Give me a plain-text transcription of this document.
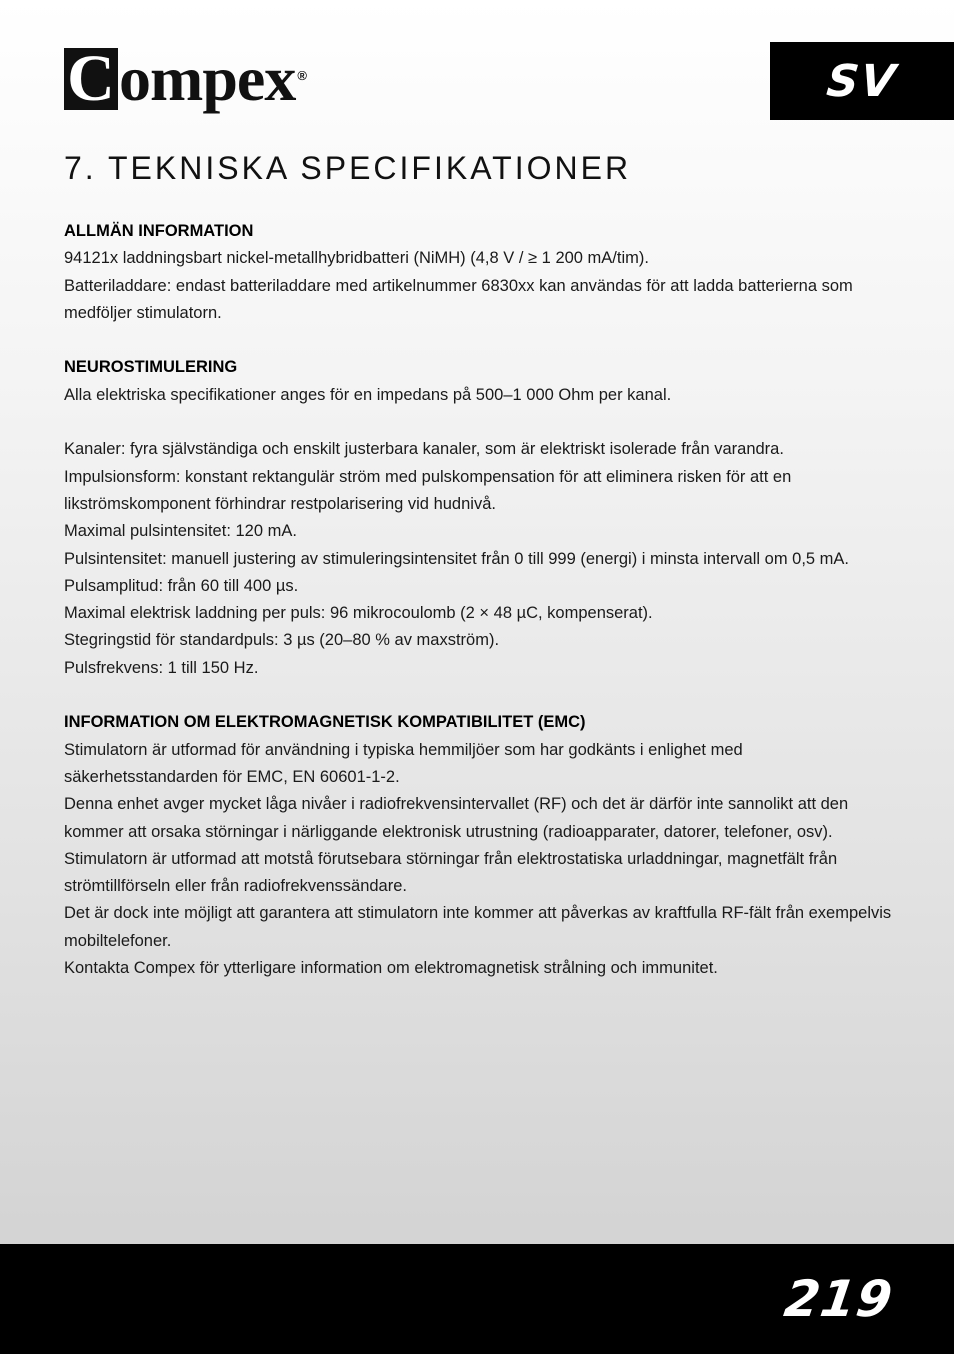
C ompex ®	SV
7. TEKNISKA SPECIFIKATIONER
ALLMÄN INFORMATION

94121x laddningsbart nickel-metallhybridbatteri (NiMH) (4,8 V / ≥ 1 200 mA/tim).

Batteriladdare: endast batteriladdare med artikelnummer 6830xx kan användas för att ladda batterierna som medföljer stimulatorn.

NEUROSTIMULERING

Alla elektriska specifikationer anges för en impedans på 500–1 000 Ohm per kanal.

Kanaler: fyra självständiga och enskilt justerbara kanaler, som är elektriskt isolerade från varandra.

Impulsionsform: konstant rektangulär ström med pulskompensation för att eliminera risken för att en likströmskomponent förhindrar restpolarisering vid hudnivå.

Maximal pulsintensitet: 120 mA.

Pulsintensitet: manuell justering av stimuleringsintensitet från 0 till 999 (energi) i minsta intervall om 0,5 mA.

Pulsamplitud: från 60 till 400 µs.

Maximal elektrisk laddning per puls: 96 mikrocoulomb (2 × 48 µC, kompenserat).

Stegringstid för standardpuls: 3 µs (20–80 % av maxström).

Pulsfrekvens: 1 till 150 Hz.

INFORMATION OM ELEKTROMAGNETISK KOMPATIBILITET (EMC)

Stimulatorn är utformad för användning i typiska hemmiljöer som har godkänts i enlighet med säkerhetsstandarden för EMC, EN 60601-1-2.

Denna enhet avger mycket låga nivåer i radiofrekvensintervallet (RF) och det är därför inte sannolikt att den kommer att orsaka störningar i närliggande elektronisk utrustning (radioapparater, datorer, telefoner, osv).

Stimulatorn är utformad att motstå förutsebara störningar från elektrostatiska urladdningar, magnetfält från strömtillförseln eller från radiofrekvenssändare.

Det är dock inte möjligt att garantera att stimulatorn inte kommer att påverkas av kraftfulla RF-fält från exempelvis mobiltelefoner.

Kontakta Compex för ytterligare information om elektromagnetisk strålning och immunitet.

219
